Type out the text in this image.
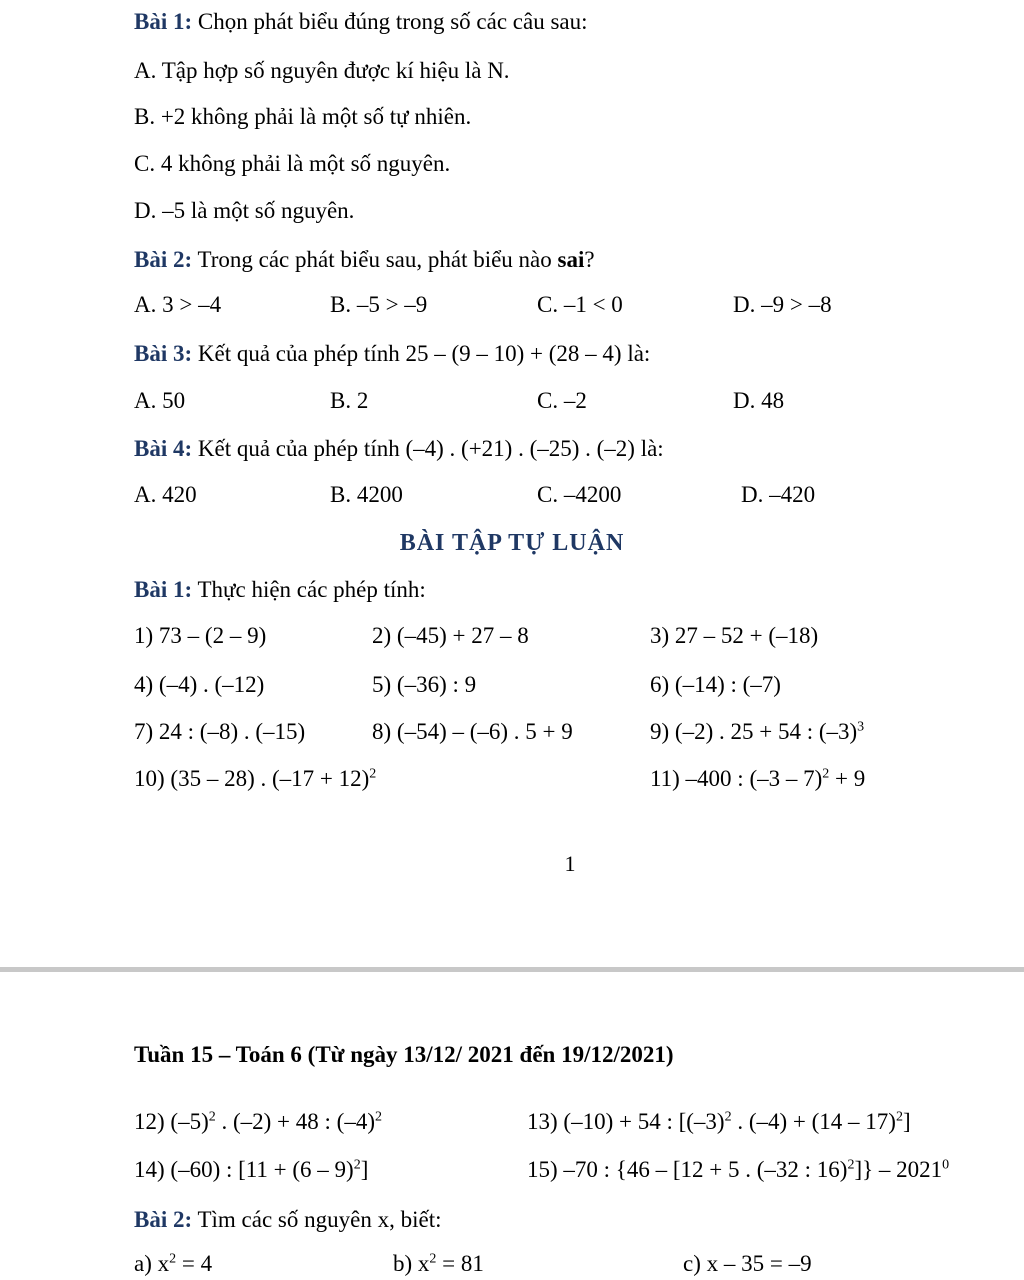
Bài 1: Chọn phát biểu đúng trong số các câu sau:
A. Tập hợp số nguyên được kí hiệu là N.
B. +2 không phải là một số tự nhiên.
C. 4 không phải là một số nguyên.
D. –5 là một số nguyên.
Bài 2: Trong các phát biểu sau, phát biểu nào sai?
A. 3 > –4	B. –5 > –9	C. –1 < 0	D. –9 > –8
Bài 3: Kết quả của phép tính 25 – (9 – 10) + (28 – 4) là:
A. 50	B. 2	C. –2	D. 48
Bài 4: Kết quả của phép tính (–4) . (+21) . (–25) . (–2) là:
A. 420	B. 4200	C. –4200	D. –420
BÀI TẬP TỰ LUẬN
Bài 1: Thực hiện các phép tính:
1) 73 – (2 – 9)	2) (–45) + 27 – 8	3) 27 – 52 + (–18)
4) (–4) . (–12)	5) (–36) : 9	6) (–14) : (–7)
7) 24 : (–8) . (–15)	8) (–54) – (–6) . 5 + 9	9) (–2) . 25 + 54 : $(-3)^3$
10) (35 – 28) . $(-17 + 12)^2$	11) –400 : (–3 – 7)$^2$ + 9
1
Tuần 15 – Toán 6 (Từ ngày 13/12/ 2021 đến 19/12/2021)
12) $(-5)^2$ . (–2) + 48 : $(-4)^2$	13) (–10) + 54 : [$(-3)^2$ . (–4) + (14 – 17)$^2$]
14) (–60) : [11 + (6 – 9)$^2$]	15) –70 : {46 – [12 + 5 . (–32 : 16)$^2$]} – 2021$^0$
Bài 2: Tìm các số nguyên x, biết:
a) $x^2 = 4$	b) $x^2 = 81$	c) x – 35 = –9
